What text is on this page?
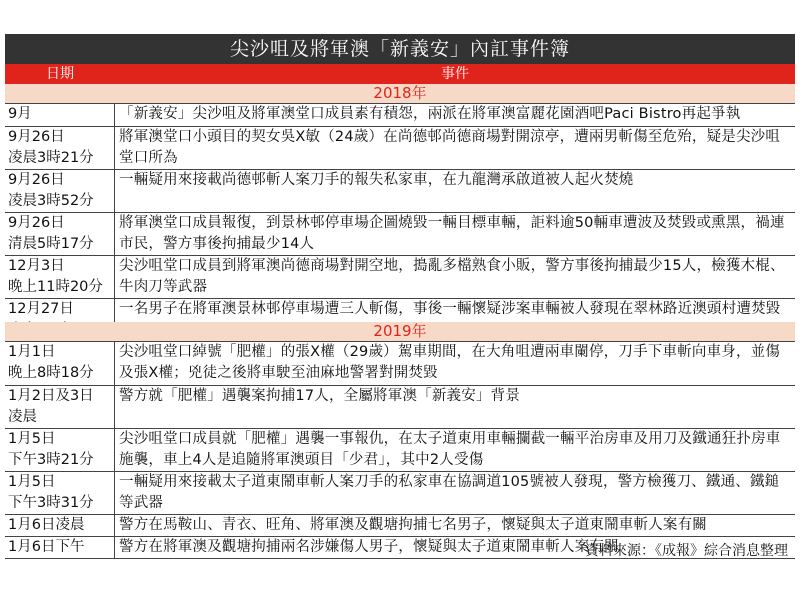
尖沙咀及將軍澳「新義安」內訌事件簿
日期	事件
2018年
9月	「新義安」尖沙咀及將軍澳堂口成員素有積怨，兩派在將軍澳富麗花園酒吧Paci Bistro再起爭執

9月26日
凌晨3時21分	將軍澳堂口小頭目的契女吳X敏（24歲）在尚德邨尚德商場對開涼亭，遭兩男斬傷至危殆，疑是尖沙咀堂口所為

9月26日
凌晨3時52分	一輛疑用來接載尚德邨斬人案刀手的報失私家車，在九龍灣承啟道被人起火焚燒

9月26日
清晨5時17分	將軍澳堂口成員報復，到景林邨停車場企圖燒毀一輛目標車輛，詎料逾50輛車遭波及焚毀或熏黑，禍連市民，警方事後拘捕最少14人

12月3日
晚上11時20分	尖沙咀堂口成員到將軍澳尚德商場對開空地，搗亂多檔熟食小販，警方事後拘捕最少15人，檢獲木棍、牛肉刀等武器

12月27日	一名男子在將軍澳景林邨停車場遭三人斬傷，事後一輛懷疑涉案車輛被人發現在翠林路近澳頭村遭焚毀
2019年
1月1日
晚上8時18分	尖沙咀堂口綽號「肥權」的張X權（29歲）駕車期間，在大角咀遭兩車闌停，刀手下車斬向車身，並傷及張X權；兇徒之後將車駛至油麻地警署對開焚毀

1月2日及3日
凌晨	警方就「肥權」遇襲案拘捕17人，全屬將軍澳「新義安」背景

1月5日
下午3時21分	尖沙咀堂口成員就「肥權」遇襲一事報仇，在太子道東用車輛攔截一輛平治房車及用刀及鐵通狂扑房車施襲，車上4人是追隨將軍澳頭目「少君」，其中2人受傷

1月5日
下午3時31分	一輛疑用來接載太子道東鬧車斬人案刀手的私家車在協調道105號被人發現，警方檢獲刀、鐵通、鐵鎚等武器

1月6日凌晨	警方在馬鞍山、青衣、旺角、將軍澳及觀塘拘捕七名男子，懷疑與太子道東鬧車斬人案有關

1月6日下午	警方在將軍澳及觀塘拘捕兩名涉嫌傷人男子，懷疑與太子道東鬧車斬人案有關
資料來源：《成報》綜合消息整理
